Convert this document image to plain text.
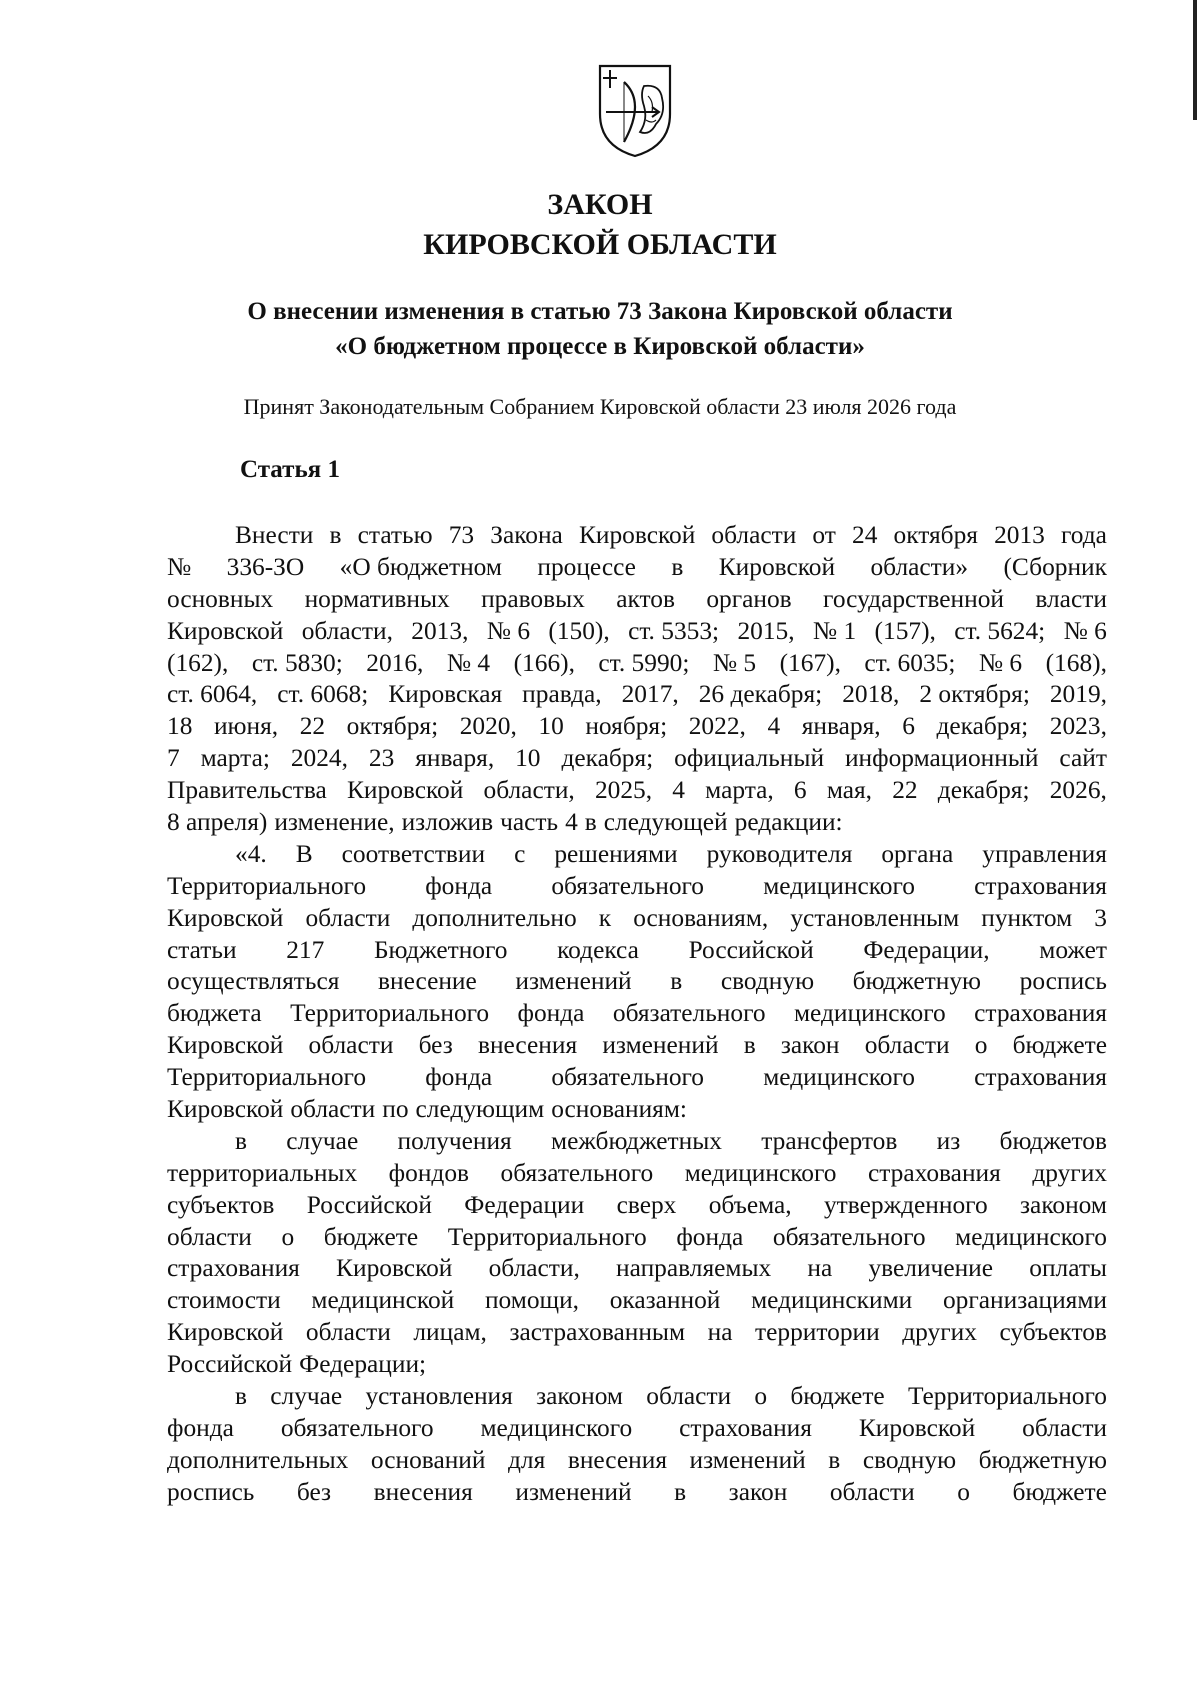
ЗАКОН
КИРОВСКОЙ ОБЛАСТИ
О внесении изменения в статью 73 Закона Кировской области
«О бюджетном процессе в Кировской области»
Принят Законодательным Собранием Кировской области 23 июля 2026 года
Статья 1
Внести в статью 73 Закона Кировской области от 24 октября 2013 года
№ 336-ЗО «О бюджетном процессе в Кировской области» (Сборник
основных нормативных правовых актов органов государственной власти
Кировской области, 2013, № 6 (150), ст. 5353; 2015, № 1 (157), ст. 5624; № 6
(162), ст. 5830; 2016, № 4 (166), ст. 5990; № 5 (167), ст. 6035; № 6 (168),
ст. 6064, ст. 6068; Кировская правда, 2017, 26 декабря; 2018, 2 октября; 2019,
18 июня, 22 октября; 2020, 10 ноября; 2022, 4 января, 6 декабря; 2023,
7 марта; 2024, 23 января, 10 декабря; официальный информационный сайт
Правительства Кировской области, 2025, 4 марта, 6 мая, 22 декабря; 2026,
8 апреля) изменение, изложив часть 4 в следующей редакции:
«4. В соответствии с решениями руководителя органа управления
Территориального фонда обязательного медицинского страхования
Кировской области дополнительно к основаниям, установленным пунктом 3
статьи 217 Бюджетного кодекса Российской Федерации, может
осуществляться внесение изменений в сводную бюджетную роспись
бюджета Территориального фонда обязательного медицинского страхования
Кировской области без внесения изменений в закон области о бюджете
Территориального фонда обязательного медицинского страхования
Кировской области по следующим основаниям:
в случае получения межбюджетных трансфертов из бюджетов
территориальных фондов обязательного медицинского страхования других
субъектов Российской Федерации сверх объема, утвержденного законом
области о бюджете Территориального фонда обязательного медицинского
страхования Кировской области, направляемых на увеличение оплаты
стоимости медицинской помощи, оказанной медицинскими организациями
Кировской области лицам, застрахованным на территории других субъектов
Российской Федерации;
в случае установления законом области о бюджете Территориального
фонда обязательного медицинского страхования Кировской области
дополнительных оснований для внесения изменений в сводную бюджетную
роспись без внесения изменений в закон области о бюджете
